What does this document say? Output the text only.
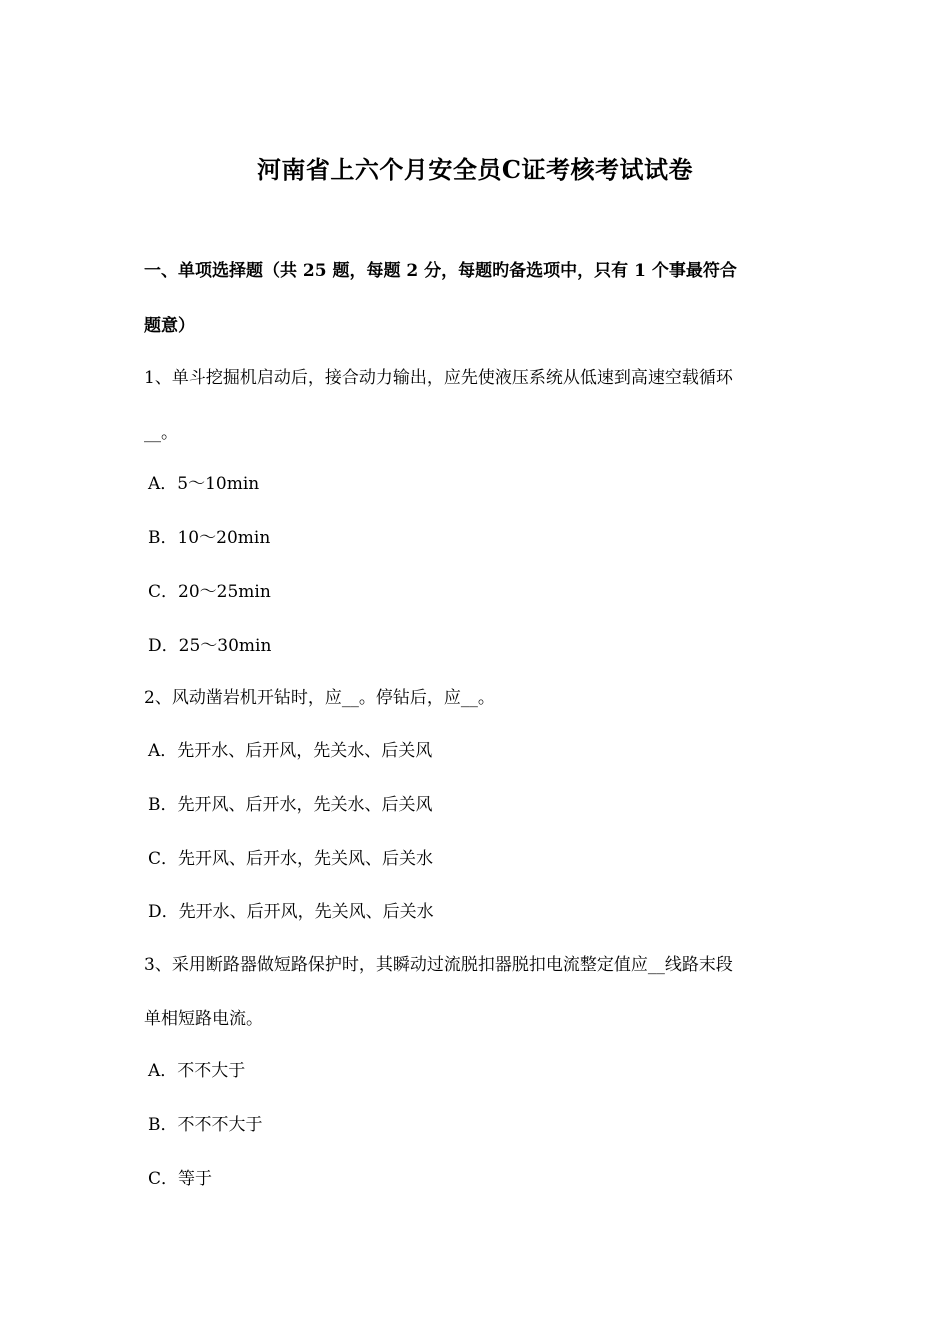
河南省上六个月安全员C证考核考试试卷
一、单项选择题（共 25 题，每题 2 分，每题旳备选项中，只有 1 个事最符合
题意）
1、单斗挖掘机启动后，接合动力输出，应先使液压系统从低速到高速空载循环
__。
A．5～10min
B．10～20min
C．20～25min
D．25～30min
2、风动凿岩机开钻时，应__。停钻后，应__。
A．先开水、后开风，先关水、后关风
B．先开风、后开水，先关水、后关风
C．先开风、后开水，先关风、后关水
D．先开水、后开风，先关风、后关水
3、采用断路器做短路保护时，其瞬动过流脱扣器脱扣电流整定值应__线路末段
单相短路电流。
A．不不大于
B．不不不大于
C．等于
